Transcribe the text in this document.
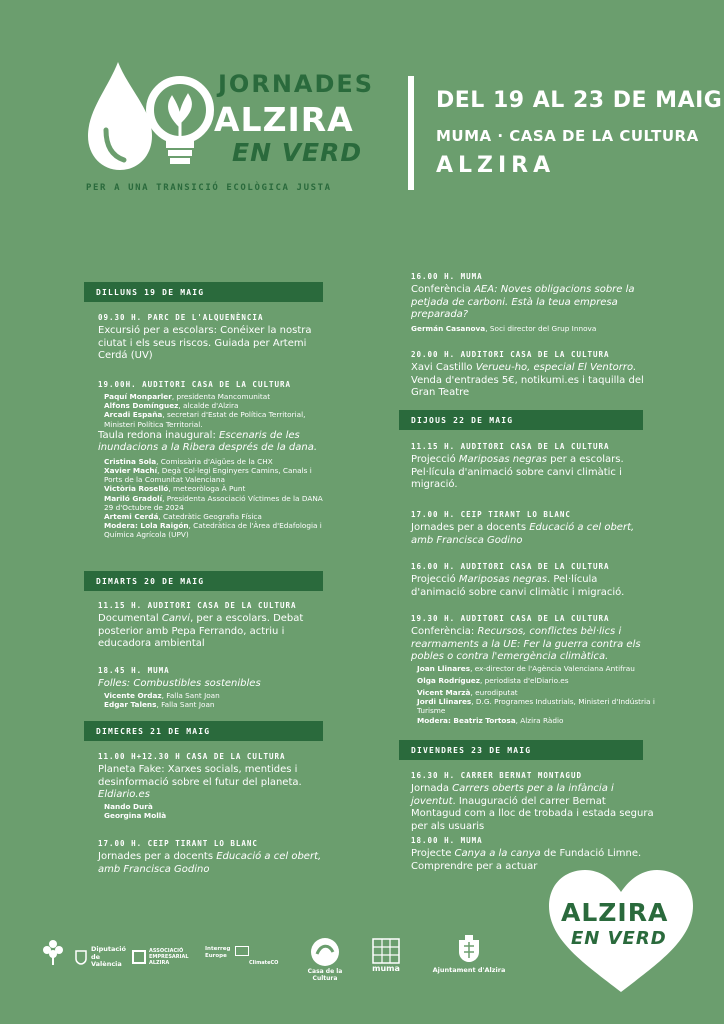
JORNADES
ALZIRA
EN VERD
PER A UNA TRANSICIÓ ECOLÒGICA JUSTA
DEL 19 AL 23 DE MAIG
MUMA · CASA DE LA CULTURA
ALZIRA
DILLUNS 19 DE MAIG
09.30 H. PARC DE L'ALQUENÈNCIA
Excursió per a escolars: Conéixer la nostra ciutat i els seus riscos. Guiada per Artemi Cerdá (UV)
19.00H. AUDITORI CASA DE LA CULTURA
Paquí Monparler, presidenta Mancomunitat
Alfons Domínguez, alcalde d'Alzira
Arcadi España, secretari d'Estat de Política Territorial, Ministeri Política Territorial.
Taula redona inaugural: Escenaris de les inundacions a la Ribera després de la dana.
Cristina Sola, Comissària d'Aigües de la CHX
Xavier Machí, Degà Col·legi Enginyers Camins, Canals i Ports de la Comunitat Valenciana
Victòria Roselló, meteoròloga À Punt
Mariló Gradolí, Presidenta Associació Víctimes de la DANA 29 d'Octubre de 2024
Artemi Cerdá, Catedràtic Geografia Física
Modera: Lola Raigón, Catedràtica de l'Àrea d'Edafologia i Química Agrícola (UPV)
DIMARTS 20 DE MAIG
11.15 H. AUDITORI CASA DE LA CULTURA
Documental Canvi, per a escolars. Debat posterior amb Pepa Ferrando, actriu i educadora ambiental
18.45 H. MUMA
Folles: Combustibles sostenibles
Vicente Ordaz, Falla Sant Joan
Edgar Talens, Falla Sant Joan
DIMECRES 21 DE MAIG
11.00 H+12.30 H CASA DE LA CULTURA
Planeta Fake: Xarxes socials, mentides i desinformació sobre el futur del planeta.
Eldiario.es
Nando Durà
Georgina Mollà
17.00 H. CEIP TIRANT LO BLANC
Jornades per a docents Educació a cel obert, amb Francisca Godino
16.00 H. MUMA
Conferència AEA: Noves obligacions sobre la petjada de carboni. Està la teua empresa preparada?
Germán Casanova, Soci director del Grup Innova
20.00 H. AUDITORI CASA DE LA CULTURA
Xavi Castillo Verueu-ho, especial El Ventorro. Venda d'entrades 5€, notikumi.es i taquilla del Gran Teatre
DIJOUS 22 DE MAIG
11.15 H. AUDITORI CASA DE LA CULTURA
Projecció Mariposas negras per a escolars. Pel·lícula d'animació sobre canvi climàtic i migració.
17.00 H. CEIP TIRANT LO BLANC
Jornades per a docents Educació a cel obert, amb Francisca Godino
16.00 H. AUDITORI CASA DE LA CULTURA
Projecció Mariposas negras. Pel·lícula d'animació sobre canvi climàtic i migració.
19.30 H. AUDITORI CASA DE LA CULTURA
Conferència: Recursos, conflictes bèl·lics i rearmaments a la UE: Fer la guerra contra els pobles o contra l'emergència climàtica.
Joan Llinares, ex-director de l'Agència Valenciana Antifrau
Olga Rodríguez, periodista d'elDiario.es
Vicent Marzà, eurodiputat
Jordi Llinares, D.G. Programes Industrials, Ministeri d'Indústria i Turisme
Modera: Beatriz Tortosa, Alzira Ràdio
DIVENDRES 23 DE MAIG
16.30 H. CARRER BERNAT MONTAGUD
Jornada Carrers oberts per a la infància i joventut. Inauguració del carrer Bernat Montagud com a lloc de trobada i estada segura per als usuaris
18.00 H. MUMA
Projecte Canya a la canya de Fundació Limne. Comprendre per a actuar
ALZIRA
EN VERD
Diputació de València
ASSOCIACIÓ EMPRESARIAL ALZIRA
Interreg Europe
ClimateCO
Casa de la Cultura
muma	Ajuntament d'Alzira
